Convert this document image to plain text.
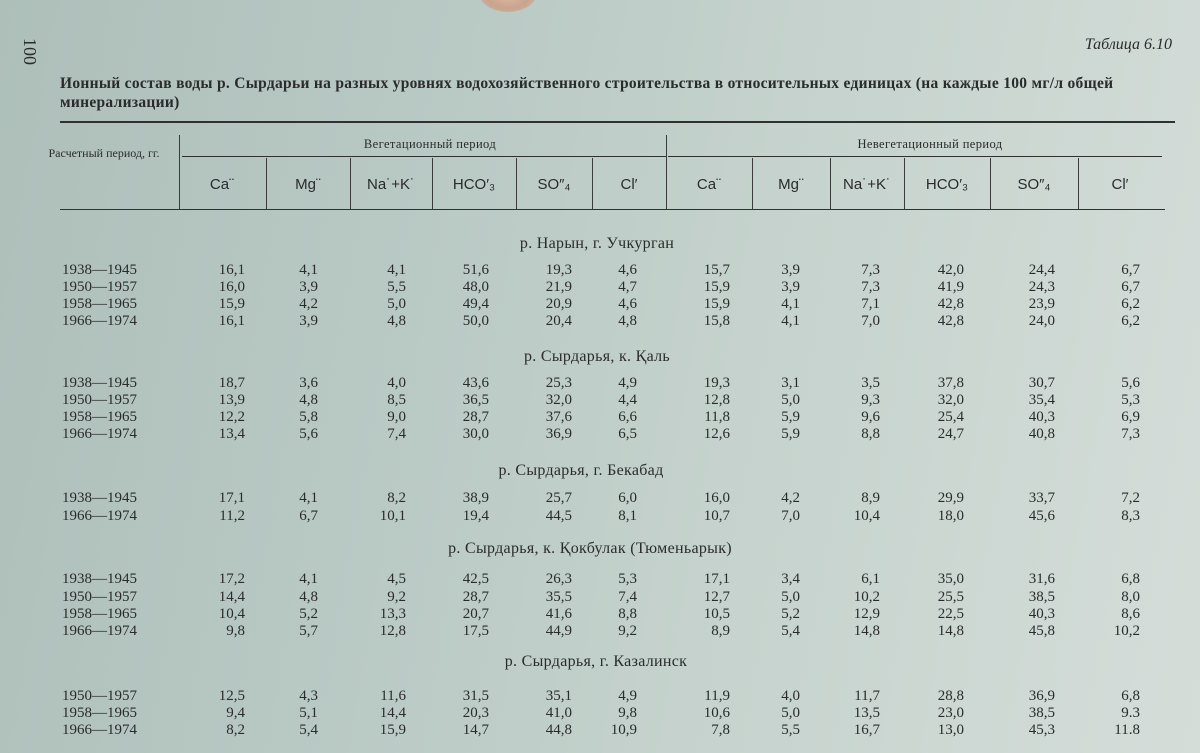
100	Таблица 6.10
Ионный состав воды р. Сырдарьи на разных уровнях водохозяйственного строительства в относительных единицах (на каждые 100 мг/л общей минерализации)
Расчетный период, гг.
Вегетационный период	Невегетационный период
Ca¨	Mg¨	Na˙+K˙	HCO′₃	SO″₄	Cl′	Ca¨	Mg¨	Na˙+K˙	HCO′₃	SO″₄	Cl′
р. Нарын, г. Учкурган
1938—1945	16,1	4,1	4,1	51,6	19,3	4,6	15,7	3,9	7,3	42,0	24,4	6,7
1950—1957	16,0	3,9	5,5	48,0	21,9	4,7	15,9	3,9	7,3	41,9	24,3	6,7
1958—1965	15,9	4,2	5,0	49,4	20,9	4,6	15,9	4,1	7,1	42,8	23,9	6,2
1966—1974	16,1	3,9	4,8	50,0	20,4	4,8	15,8	4,1	7,0	42,8	24,0	6,2
р. Сырдарья, к. Қаль
1938—1945	18,7	3,6	4,0	43,6	25,3	4,9	19,3	3,1	3,5	37,8	30,7	5,6
1950—1957	13,9	4,8	8,5	36,5	32,0	4,4	12,8	5,0	9,3	32,0	35,4	5,3
1958—1965	12,2	5,8	9,0	28,7	37,6	6,6	11,8	5,9	9,6	25,4	40,3	6,9
1966—1974	13,4	5,6	7,4	30,0	36,9	6,5	12,6	5,9	8,8	24,7	40,8	7,3
р. Сырдарья, г. Бекабад
1938—1945	17,1	4,1	8,2	38,9	25,7	6,0	16,0	4,2	8,9	29,9	33,7	7,2
1966—1974	11,2	6,7	10,1	19,4	44,5	8,1	10,7	7,0	10,4	18,0	45,6	8,3
р. Сырдарья, к. Қокбулак (Тюменьарык)
1938—1945	17,2	4,1	4,5	42,5	26,3	5,3	17,1	3,4	6,1	35,0	31,6	6,8
1950—1957	14,4	4,8	9,2	28,7	35,5	7,4	12,7	5,0	10,2	25,5	38,5	8,0
1958—1965	10,4	5,2	13,3	20,7	41,6	8,8	10,5	5,2	12,9	22,5	40,3	8,6
1966—1974	9,8	5,7	12,8	17,5	44,9	9,2	8,9	5,4	14,8	14,8	45,8	10,2
р. Сырдарья, г. Казалинск
1950—1957	12,5	4,3	11,6	31,5	35,1	4,9	11,9	4,0	11,7	28,8	36,9	6,8
1958—1965	9,4	5,1	14,4	20,3	41,0	9,8	10,6	5,0	13,5	23,0	38,5	9.3
1966—1974	8,2	5,4	15,9	14,7	44,8	10,9	7,8	5,5	16,7	13,0	45,3	11.8
